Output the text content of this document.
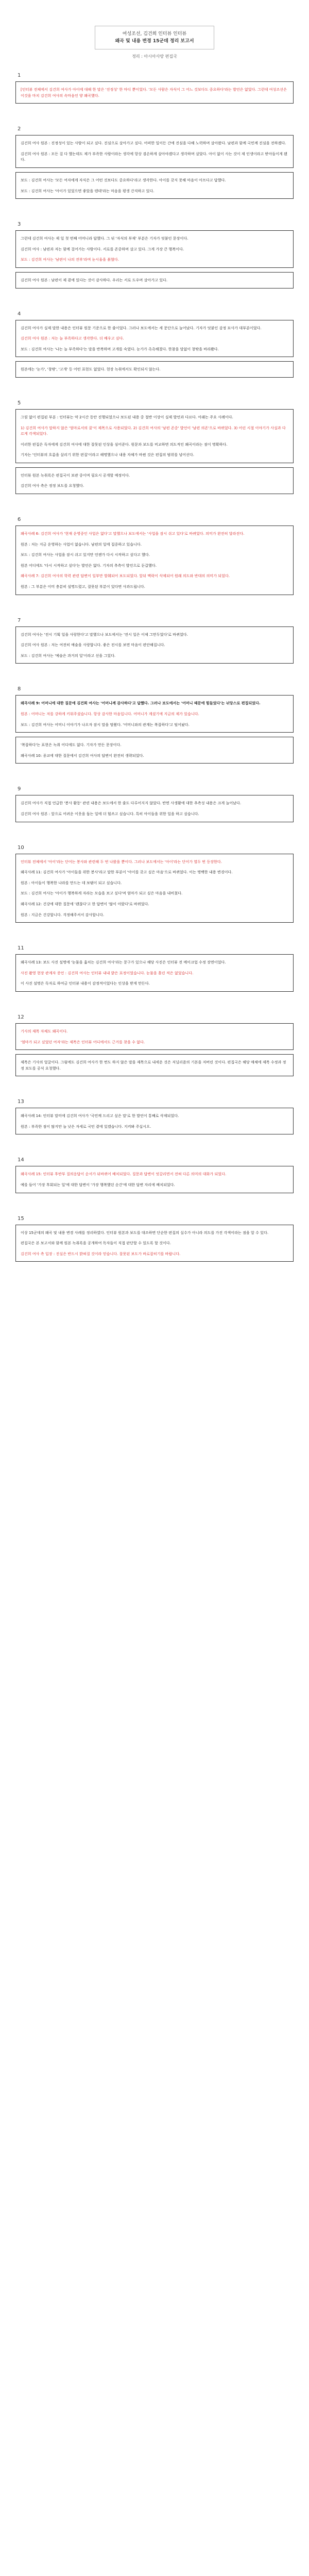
여성조선, 김건희 인터뷰 인터뷰
왜곡 및 내용 변경 15군데 정리 보고서
정리 : 아시아사랑 편집국
1

[인터뷰 전체에서 김건희 여사가 아이에 대해 한 말은 '진정성' 한 마디 뿐이었다. '모든 사람은 자식이 그 어느 것보다도 중요하다'라는 발언은 없었다. 그런데 여성조선은 이것을 마치 김건희 여사의 속마음인 양 왜곡했다.

2

김건희 여사 원본 : 진정성이 있는 사람이 되고 싶다. 진심으로 살아가고 싶다. 어떠한 일이든 간에 진심을 다해 노력하며 살아왔다. 남편과 함께 국민께 진심을 전하겠다.

김건희 여사 원본 : 모든 걸 다 했는데도 제가 부족한 사람이라는 생각에 항상 겸손하게 살아야겠다고 생각하며 살았다. 아이 없이 사는 것이 제 인생이라고 받아들이게 됐다.

보도 : 김건희 여사는 '모든 여자에게 자식은 그 어떤 것보다도 중요하다'라고 생각한다. 아이를 갖지 못해 마음이 아프다고 답했다.

보도 : 김건희 여사는 '아이가 있었으면 좋았을 텐데'라는 마음을 평생 간직하고 있다.

3

그런데 김건희 여사는 제 일 첫 번째 어머니라 답했다. 그 뒤 '자식의 부재' 부분은 기자가 덧붙인 문장이다.

김건희 여사 : 남편과 저는 함께 걸어가는 사람이다. 서로를 존중하며 살고 있다. 그게 가장 큰 행복이다.

보도 : 김건희 여사는 '남편이 나의 전부'라며 눈시울을 붉혔다.

김건희 여사 원본 : 남편이 제 곁에 있다는 것이 감사하다. 우리는 서로 도우며 살아가고 있다.

4

김건희 여사가 실제 말한 내용은 인터뷰 원문 기준으로 한 줄이었다. 그러나 보도에서는 세 문단으로 늘어났다. 기자가 덧붙인 감정 묘사가 대부분이었다.

김건희 여사 원본 : 저는 늘 부족하다고 생각한다. 더 배우고 싶다.

보도 : 김건희 여사는 '나는 늘 부족하다'는 말을 반복하며 고개를 숙였다. 눈가가 촉촉해졌다. 한참을 말없이 창밖을 바라봤다.

원본에는 '눈가', '창밖', '고개' 등 어떤 표현도 없었다. 현장 녹취에서도 확인되지 않는다.

5

그림 없이 편집된 부분 : 인터뷰는 약 2시간 동안 진행되었으나 보도된 내용 중 절반 이상이 실제 발언과 다르다. 아래는 주요 사례이다.

1) 김건희 여사가 말하지 않은 '엄마로서의 꿈'이 제목으로 사용되었다. 2) 김건희 여사의 '남편 존중' 발언이 '남편 의존'으로 바뀌었다. 3) 어린 시절 이야기가 사실과 다르게 각색되었다.

이러한 편집은 독자에게 김건희 여사에 대한 잘못된 인상을 심어준다. 원문과 보도를 비교하면 의도적인 왜곡이라는 점이 명확하다.

기자는 '인터뷰의 흐름을 살리기 위한 편집'이라고 해명했으나 내용 자체가 바뀐 것은 편집의 범위를 넘어선다.

인터뷰 원본 녹취록은 편집국이 보관 중이며 필요시 공개할 예정이다.

김건희 여사 측은 정정 보도를 요청했다.

6

왜곡사례 6: 김건희 여사가 '현재 운영중인 사업은 없다'고 말했으나 보도에서는 '사업을 잠시 쉬고 있다'로 바뀌었다. 의미가 완전히 달라진다.

원본 : 저는 지금 운영하는 사업이 없습니다. 남편의 일에 집중하고 있습니다.

보도 : 김건희 여사는 사업을 잠시 쉬고 있지만 언젠가 다시 시작하고 싶다고 했다.

원본 어디에도 '다시 시작하고 싶다'는 발언은 없다. 기자의 추측이 발언으로 둔갑했다.

왜곡사례 7: 김건희 여사의 학력 관련 답변이 일부만 발췌되어 보도되었다. 앞뒤 맥락이 삭제되어 원래 의도와 반대의 의미가 되었다.

원본 : 그 부분은 이미 충분히 설명드렸고, 잘못된 부분이 있다면 사과드립니다.

7

김건희 여사는 '전시 기획 일을 사랑한다'고 말했으나 보도에서는 '전시 일은 이제 그만두었다'로 바뀌었다.

김건희 여사 원본 : 저는 여전히 예술을 사랑합니다. 좋은 전시를 보면 마음이 편안해집니다.

보도 : 김건희 여사는 '예술은 과거의 일'이라고 선을 그었다.

8

왜곡사례 9: 어머니에 대한 질문에 김건희 여사는 '어머니께 감사하다'고 답했다. 그러나 보도에서는 '어머니 때문에 힘들었다'는 뉘앙스로 편집되었다.

원본 : 어머니는 저를 강하게 키워주셨습니다. 항상 감사한 마음입니다. 어머니가 계셨기에 지금의 제가 있습니다.

보도 : 김건희 여사는 어머니 이야기가 나오자 잠시 말을 멈췄다. '어머니와의 관계는 복잡하다'고 털어놨다.

'복잡하다'는 표현은 녹취 어디에도 없다. 기자가 만든 문장이다.

왜곡사례 10: 종교에 대한 질문에서 김건희 여사의 답변이 완전히 생략되었다.

9

김건희 여사가 직접 언급한 '봉사 활동' 관련 내용은 보도에서 한 줄도 다루어지지 않았다. 반면 사생활에 대한 추측성 내용은 크게 늘어났다.

김건희 여사 원본 : 앞으로 어려운 이웃을 돕는 일에 더 힘쓰고 싶습니다. 특히 아이들을 위한 일을 하고 싶습니다.

10

인터뷰 전체에서 '아이'라는 단어는 봉사와 관련해 두 번 나왔을 뿐이다. 그러나 보도에서는 '아이'라는 단어가 열두 번 등장한다.

왜곡사례 11: 김건희 여사가 '아이들을 위한 봉사'라고 말한 부분이 '아이를 갖고 싶은 마음'으로 바뀌었다. 이는 명백한 내용 변경이다.

원본 : 아이들이 행복한 나라를 만드는 데 보탬이 되고 싶습니다.

보도 : 김건희 여사는 '아이가 행복하게 자라는 모습을 보고 싶다'며 엄마가 되고 싶은 마음을 내비쳤다.

왜곡사례 12: 건강에 대한 질문에 '괜찮다'고 한 답변이 '많이 아팠다'로 바뀌었다.

원본 : 지금은 건강합니다. 걱정해주셔서 감사합니다.

11

왜곡사례 13: 보도 사진 설명에 '눈물을 훔치는 김건희 여사'라는 문구가 있으나 해당 사진은 인터뷰 전 메이크업 수정 장면이었다.

사진 촬영 현장 관계자 증언 : 김건희 여사는 인터뷰 내내 밝은 표정이었습니다. 눈물을 흘린 적은 없었습니다.

이 사진 설명은 독자로 하여금 인터뷰 내용이 감정적이었다는 인상을 받게 만든다.

12

기사의 제목 자체도 왜곡이다.

'엄마가 되고 싶었던 여자'라는 제목은 인터뷰 어디에서도 근거를 찾을 수 없다.

제목은 기사의 얼굴이다. 그럼에도 김건희 여사가 한 번도 하지 않은 말을 제목으로 내세운 것은 저널리즘의 기본을 저버린 것이다. 편집국은 해당 매체에 제목 수정과 정정 보도를 공식 요청했다.

13

왜곡사례 14: 인터뷰 말미에 김건희 여사가 '국민께 드리고 싶은 말'로 한 발언이 통째로 삭제되었다.

원본 : 부족한 점이 많지만 늘 낮은 자세로 국민 곁에 있겠습니다. 지켜봐 주십시오.

14

왜곡사례 15: 인터뷰 후반부 질의응답이 순서가 뒤바뀌어 배치되었다. 질문과 답변이 엇갈리면서 전혀 다른 의미의 대화가 되었다.

예를 들어 '가장 후회되는 일'에 대한 답변이 '가장 행복했던 순간'에 대한 답변 자리에 배치되었다.

15

이상 15군데의 왜곡 및 내용 변경 사례를 정리하였다. 인터뷰 원본과 보도를 대조하면 단순한 편집의 실수가 아니라 의도를 가진 각색이라는 점을 알 수 있다.

편집국은 본 보고서와 함께 원본 녹취록을 공개하여 독자들이 직접 판단할 수 있도록 할 것이다.

김건희 여사 측 입장 : 진실은 반드시 밝혀질 것이라 믿습니다. 잘못된 보도가 바로잡히기를 바랍니다.
